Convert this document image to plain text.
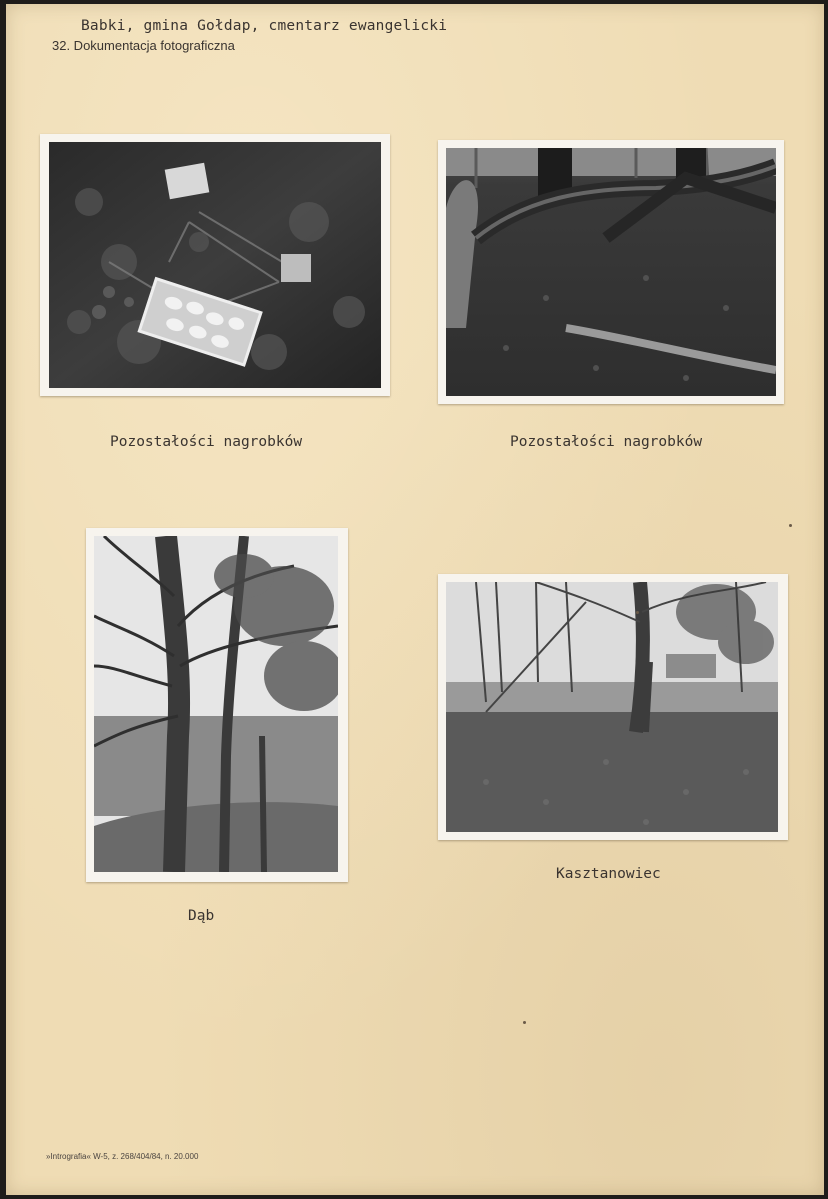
Babki, gmina Gołdap, cmentarz ewangelicki
32. Dokumentacja fotograficzna
Pozostałości nagrobków	Pozostałości nagrobków
Dąb
Kasztanowiec
»Intrografia« W-5, z. 268/404/84, n. 20.000
